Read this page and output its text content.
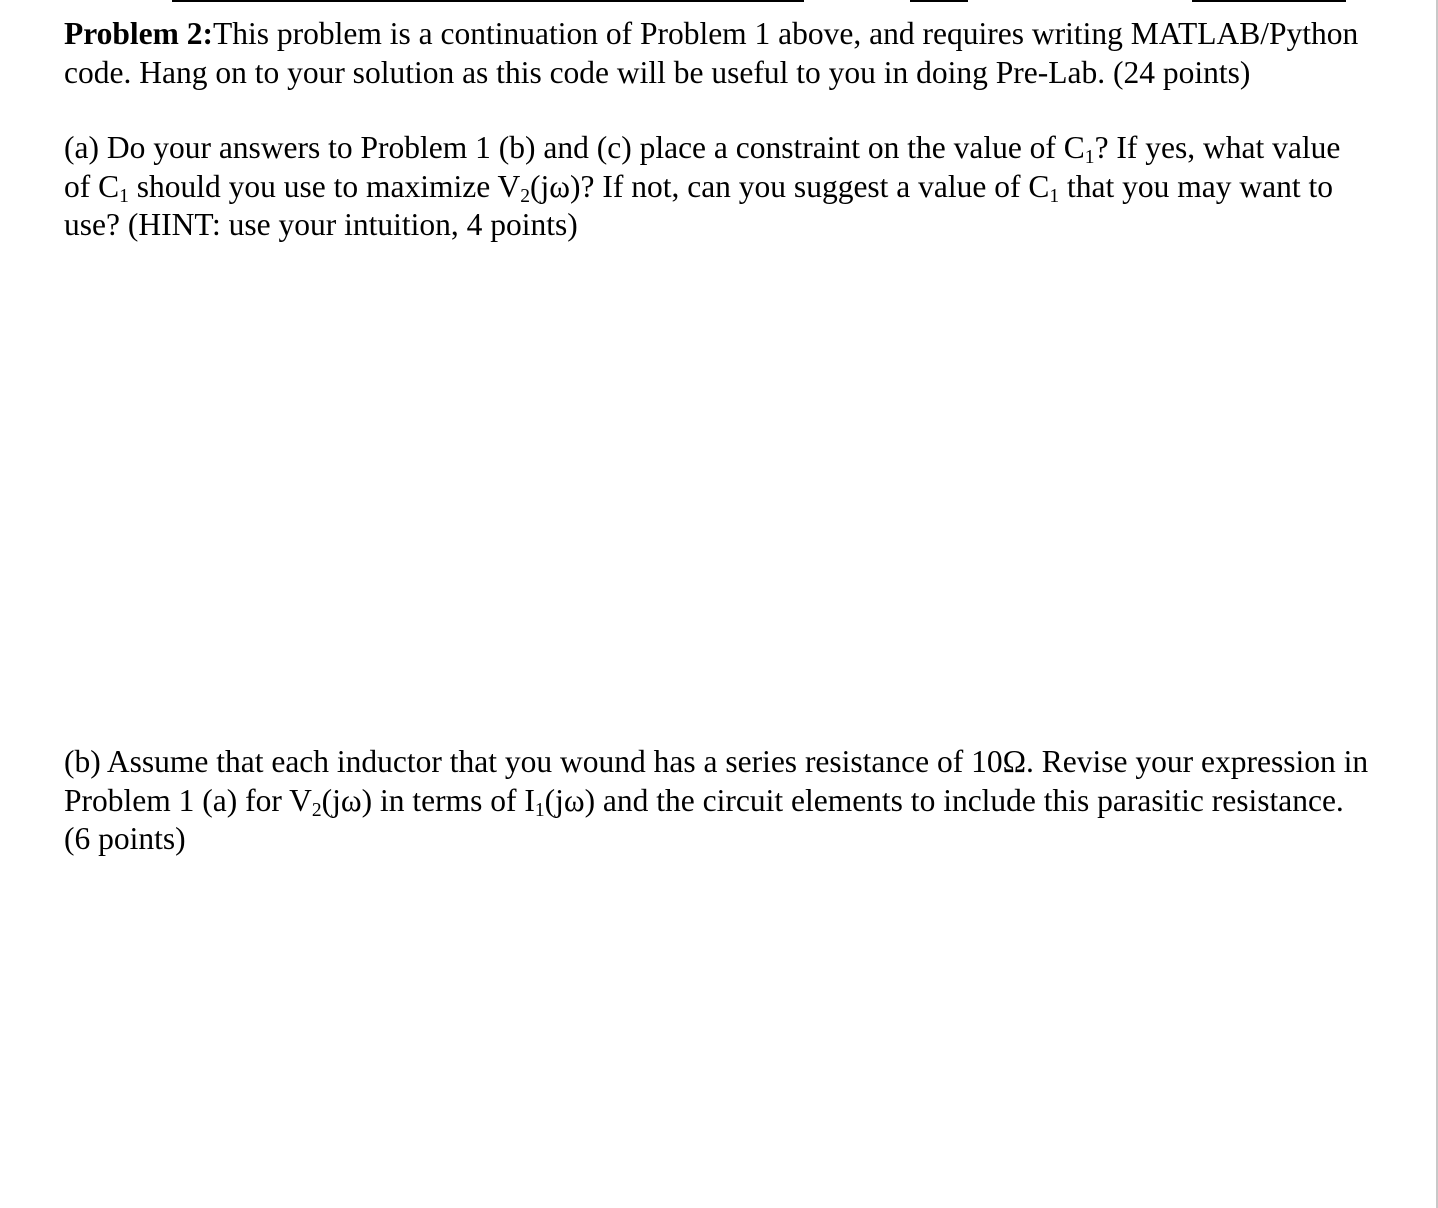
Problem 2:This problem is a continuation of Problem 1 above, and requires writing MATLAB/Python
code. Hang on to your solution as this code will be useful to you in doing Pre-Lab. (24 points)
(a) Do your answers to Problem 1 (b) and (c) place a constraint on the value of $C_1$? If yes, what value
of $C_1$ should you use to maximize $V_2(j\omega)$? If not, can you suggest a value of $C_1$ that you may want to
use? (HINT: use your intuition, 4 points)
(b) Assume that each inductor that you wound has a series resistance of 10Ω. Revise your expression in
Problem 1 (a) for $V_2(j\omega)$ in terms of $I_1(j\omega)$ and the circuit elements to include this parasitic resistance.
(6 points)
